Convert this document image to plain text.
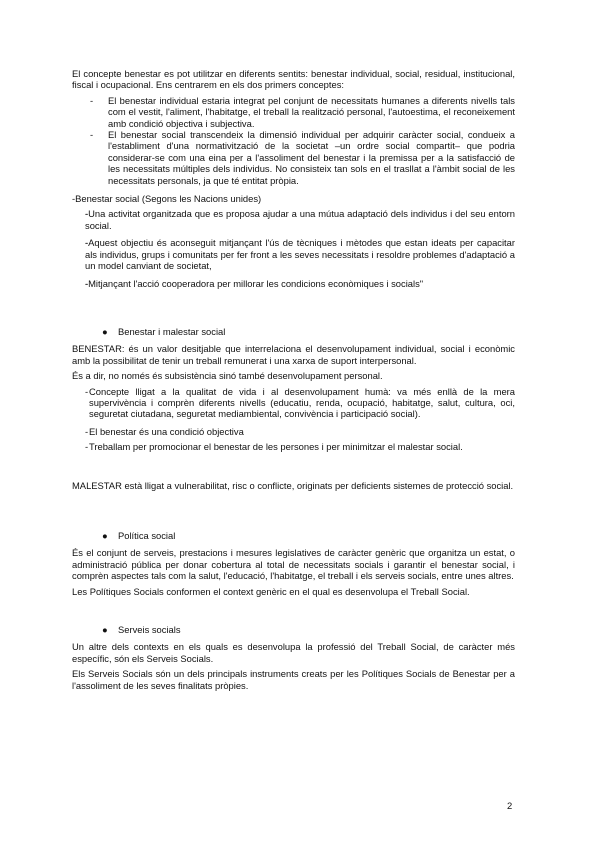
El concepte benestar es pot utilitzar en diferents sentits: benestar individual, social, residual, institucional, fiscal i ocupacional. Ens centrarem en els dos primers conceptes:

- El benestar individual estaria integrat pel conjunt de necessitats humanes a diferents nivells tals com el vestit, l'aliment, l'habitatge, el treball la realització personal, l'autoestima, el reconeixement amb condició objectiva i subjectiva.
- El benestar social transcendeix la dimensió individual per adquirir caràcter social, condueix a l'establiment d'una normativització de la societat –un ordre social compartit– que podria considerar-se com una eina per a l'assoliment del benestar i la premissa per a la satisfacció de les necessitats múltiples dels individus. No consisteix tan sols en el trasllat a l'àmbit social de les necessitats personals, ja que té entitat pròpia.
-Benestar social (Segons les Nacions unides)
- -Una activitat organitzada que es proposa ajudar a una mútua adaptació dels individus i del seu entorn social.
- -Aquest objectiu és aconseguit mitjançant l'ús de tècniques i mètodes que estan ideats per capacitar als individus, grups i comunitats per fer front a les seves necessitats i resoldre problemes d'adaptació a un model canviant de societat,
- -Mitjançant l'acció cooperadora per millorar les condicions econòmiques i socials"
● Benestar i malestar social

BENESTAR: és un valor desitjable que interrelaciona el desenvolupament individual, social i econòmic amb la possibilitat de tenir un treball remunerat i una xarxa de suport interpersonal.

És a dir, no només és subsistència sinó també desenvolupament personal.

- Concepte lligat a la qualitat de vida i al desenvolupament humà: va més enllà de la mera supervivència i comprèn diferents nivells (educatiu, renda, ocupació, habitatge, salut, cultura, oci, seguretat ciutadana, seguretat mediambiental, convivència i participació social).
- El benestar és una condició objectiva
- Treballam per promocionar el benestar de les persones i per minimitzar el malestar social.

MALESTAR està lligat a vulnerabilitat, risc o conflicte, originats per deficients sistemes de protecció social.

● Política social

És el conjunt de serveis, prestacions i mesures legislatives de caràcter genèric que organitza un estat, o administració pública per donar cobertura al total de necessitats socials i garantir el benestar social, i comprèn aspectes tals com la salut, l'educació, l'habitatge, el treball i els serveis socials, entre unes altres.

Les Polítiques Socials conformen el context genèric en el qual es desenvolupa el Treball Social.

● Serveis socials

Un altre dels contexts en els quals es desenvolupa la professió del Treball Social, de caràcter més específic, són els Serveis Socials.

Els Serveis Socials són un dels principals instruments creats per les Polítiques Socials de Benestar per a l'assoliment de les seves finalitats pròpies.

2
